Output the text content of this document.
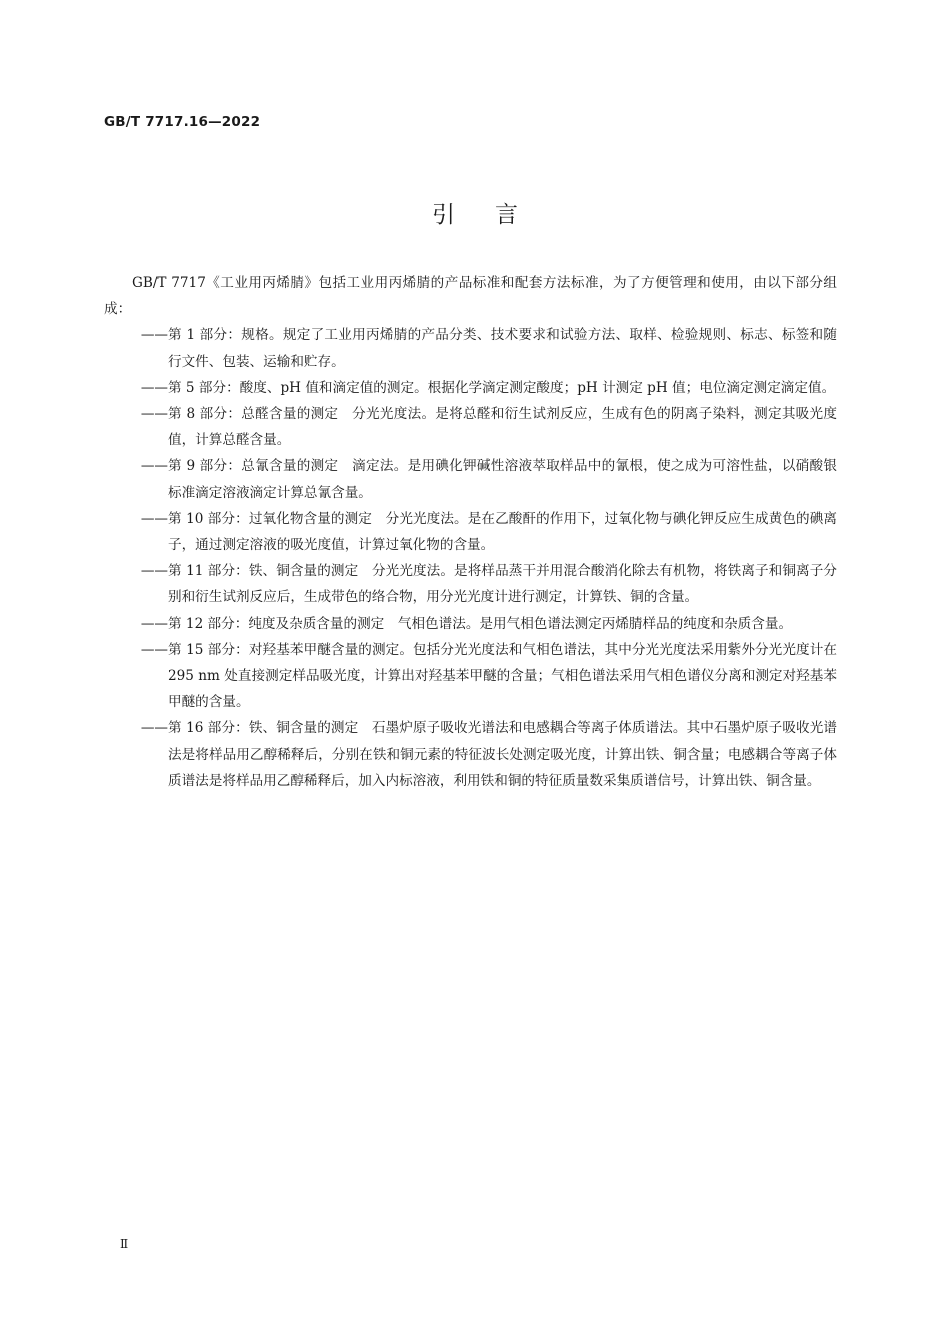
GB/T 7717.16—2022
引言

GB/T 7717《工业用丙烯腈》包括工业用丙烯腈的产品标准和配套方法标准，为了方便管理和使用，由以下部分组成：

—— 第 1 部分：规格。规定了工业用丙烯腈的产品分类、技术要求和试验方法、取样、检验规则、标志、标签和随行文件、包装、运输和贮存。
—— 第 5 部分：酸度、pH 值和滴定值的测定。根据化学滴定测定酸度；pH 计测定 pH 值；电位滴定测定滴定值。
—— 第 8 部分：总醛含量的测定　分光光度法。是将总醛和衍生试剂反应，生成有色的阴离子染料，测定其吸光度值，计算总醛含量。
—— 第 9 部分：总氰含量的测定　滴定法。是用碘化钾碱性溶液萃取样品中的氰根，使之成为可溶性盐，以硝酸银标准滴定溶液滴定计算总氰含量。
—— 第 10 部分：过氧化物含量的测定　分光光度法。是在乙酸酐的作用下，过氧化物与碘化钾反应生成黄色的碘离子，通过测定溶液的吸光度值，计算过氧化物的含量。
—— 第 11 部分：铁、铜含量的测定　分光光度法。是将样品蒸干并用混合酸消化除去有机物，将铁离子和铜离子分别和衍生试剂反应后，生成带色的络合物，用分光光度计进行测定，计算铁、铜的含量。
—— 第 12 部分：纯度及杂质含量的测定　气相色谱法。是用气相色谱法测定丙烯腈样品的纯度和杂质含量。
—— 第 15 部分：对羟基苯甲醚含量的测定。包括分光光度法和气相色谱法，其中分光光度法采用紫外分光光度计在 295 nm 处直接测定样品吸光度，计算出对羟基苯甲醚的含量；气相色谱法采用气相色谱仪分离和测定对羟基苯甲醚的含量。
—— 第 16 部分：铁、铜含量的测定　石墨炉原子吸收光谱法和电感耦合等离子体质谱法。其中石墨炉原子吸收光谱法是将样品用乙醇稀释后，分别在铁和铜元素的特征波长处测定吸光度，计算出铁、铜含量；电感耦合等离子体质谱法是将样品用乙醇稀释后，加入内标溶液，利用铁和铜的特征质量数采集质谱信号，计算出铁、铜含量。
Ⅱ
